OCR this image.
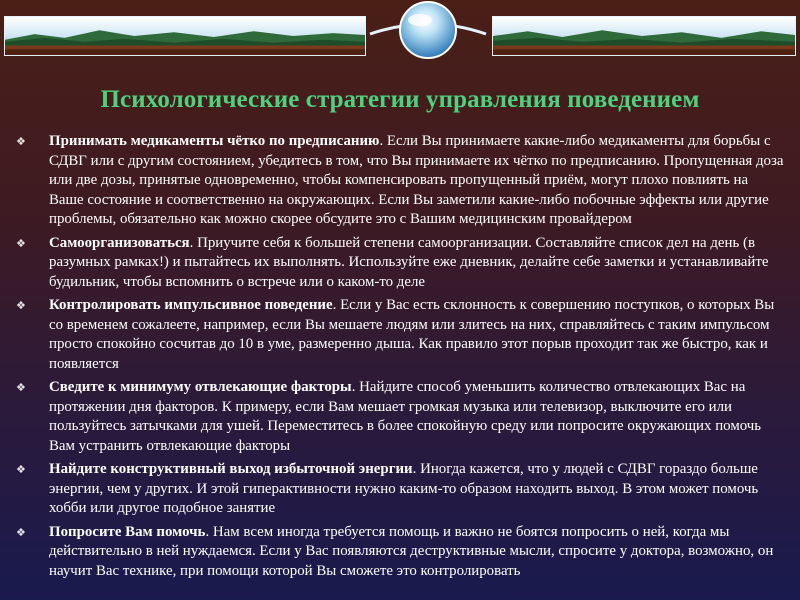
Психологические стратегии управления поведением
❖ Принимать медикаменты чётко по предписанию. Если Вы принимаете какие-либо медикаменты для борьбы с СДВГ или с другим состоянием, убедитесь в том, что Вы принимаете их чётко по предписанию. Пропущенная доза или две дозы, принятые одновременно, чтобы компенсировать пропущенный приём, могут плохо повлиять на Ваше состояние и соответственно на окружающих. Если Вы заметили какие-либо побочные эффекты или другие проблемы, обязательно как можно скорее обсудите это с Вашим медицинским провайдером
❖ Самоорганизоваться. Приучите себя к большей степени самоорганизации. Составляйте список дел на день (в разумных рамках!) и пытайтесь их выполнять. Используйте еже дневник, делайте себе заметки и устанавливайте будильник, чтобы вспомнить о встрече или о каком-то деле
❖ Контролировать импульсивное поведение. Если у Вас есть склонность к совершению поступков, о которых Вы со временем сожалеете, например, если Вы мешаете людям или злитесь на них, справляйтесь с таким импульсом просто спокойно сосчитав до 10 в уме, размеренно дыша. Как правило этот порыв проходит так же быстро, как и появляется
❖ Сведите к минимуму отвлекающие факторы. Найдите способ уменьшить количество отвлекающих Вас на протяжении дня факторов. К примеру, если Вам мешает громкая музыка или телевизор, выключите его или пользуйтесь затычками для ушей. Переместитесь в более спокойную среду или попросите окружающих помочь Вам устранить отвлекающие факторы
❖ Найдите конструктивный выход избыточной энергии. Иногда кажется, что у людей с СДВГ гораздо больше энергии, чем у других. И этой гиперактивности нужно каким-то образом находить выход. В этом может помочь хобби или другое подобное занятие
❖ Попросите Вам помочь. Нам всем иногда требуется помощь и важно не боятся попросить о ней, когда мы действительно в ней нуждаемся. Если у Вас появляются деструктивные мысли, спросите у доктора, возможно, он научит Вас технике, при помощи которой Вы сможете это контролировать
